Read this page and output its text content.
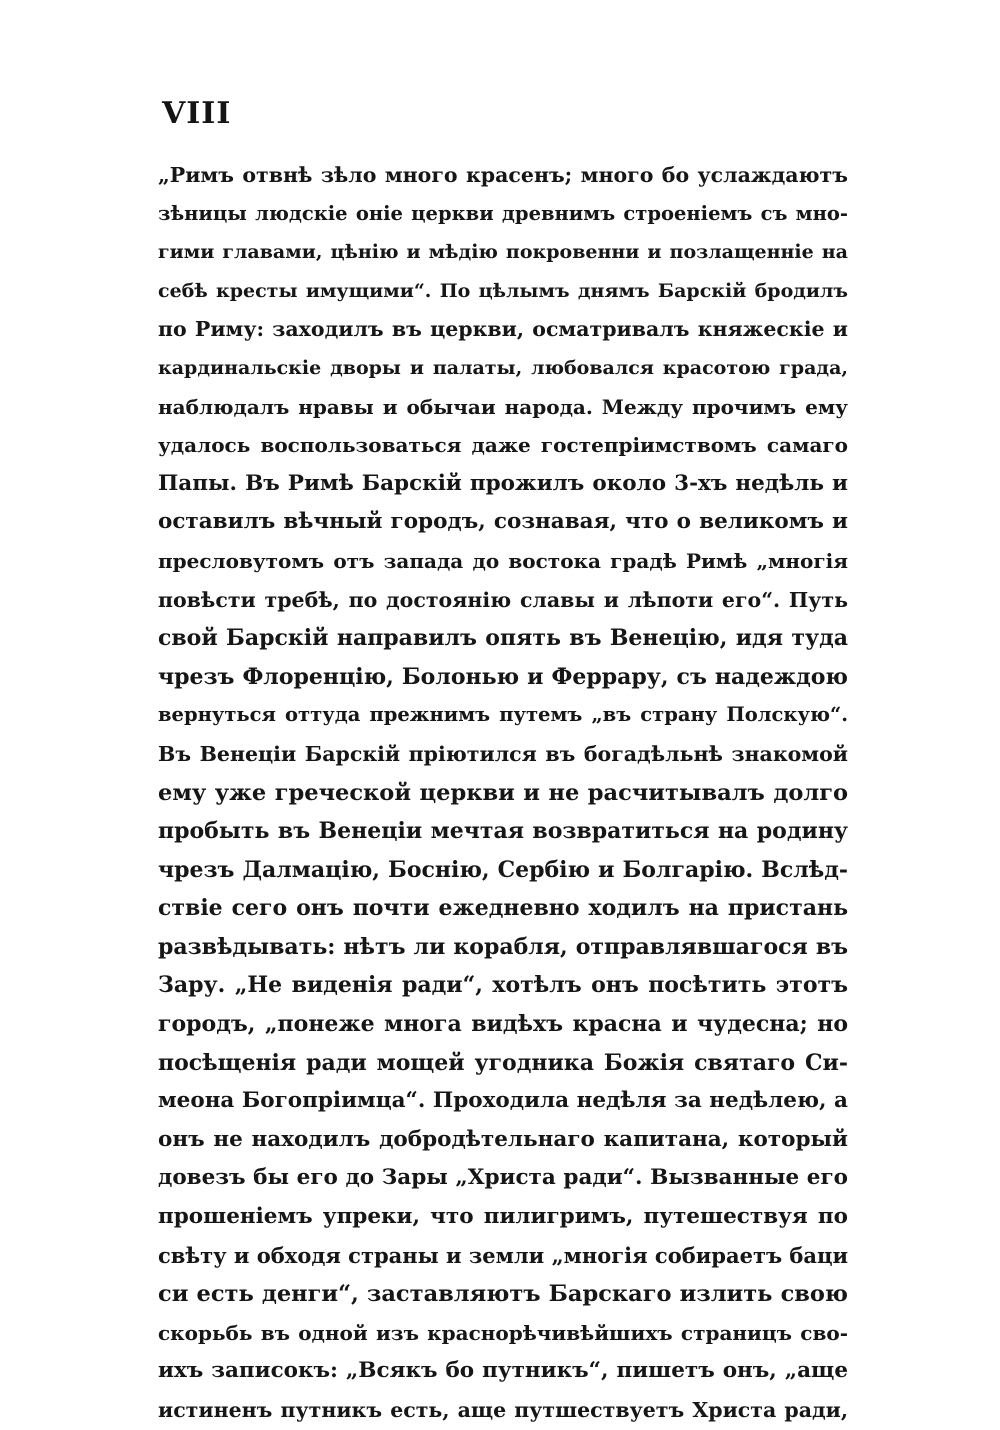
VIII
„Римъ отвнѣ зѣло много красенъ; много бо услаждаютъ
зѣницы людскіе оніе церкви древнимъ строеніемъ съ мно-
гими главами, цѣнію и мѣдію покровенни и позлащенніе на
себѣ кресты имущими“. По цѣлымъ днямъ Барскій бродилъ
по Риму: заходилъ въ церкви, осматривалъ княжескіе и
кардинальскіе дворы и палаты, любовался красотою града,
наблюдалъ нравы и обычаи народа. Между прочимъ ему
удалось воспользоваться даже гостепріимствомъ самаго
Папы. Въ Римѣ Барскій прожилъ около 3-хъ недѣль и
оставилъ вѣчный городъ, сознавая, что о великомъ и
пресловутомъ отъ запада до востока градѣ Римѣ „многія
повѣсти требѣ, по достоянію славы и лѣпоти его“. Путь
свой Барскій направилъ опять въ Венецію, идя туда
чрезъ Флоренцію, Болонью и Феррару, съ надеждою
вернуться оттуда прежнимъ путемъ „въ страну Полскую“.
Въ Венеціи Барскій пріютился въ богадѣльнѣ знакомой
ему уже греческой церкви и не расчитывалъ долго
пробыть въ Венеціи мечтая возвратиться на родину
чрезъ Далмацію, Боснію, Сербію и Болгарію. Вслѣд-
ствіе сего онъ почти ежедневно ходилъ на пристань
развѣдывать: нѣтъ ли корабля, отправлявшагося въ
Зару. „Не виденія ради“, хотѣлъ онъ посѣтить этотъ
городъ, „понеже многа видѣхъ красна и чудесна; но
посѣщенія ради мощей угодника Божія святаго Си-
меона Богопріимца“. Проходила недѣля за недѣлею, а
онъ не находилъ добродѣтельнаго капитана, который
довезъ бы его до Зары „Христа ради“. Вызванные его
прошеніемъ упреки, что пилигримъ, путешествуя по
свѣту и обходя страны и земли „многія собираетъ баци
си есть денги“, заставляютъ Барскаго излить свою
скорьбь въ одной изъ краснорѣчивѣйшихъ страницъ сво-
ихъ записокъ: „Всякъ бо путникъ“, пишетъ онъ, „аще
истиненъ путникъ есть, аще путшествуетъ Христа ради,
